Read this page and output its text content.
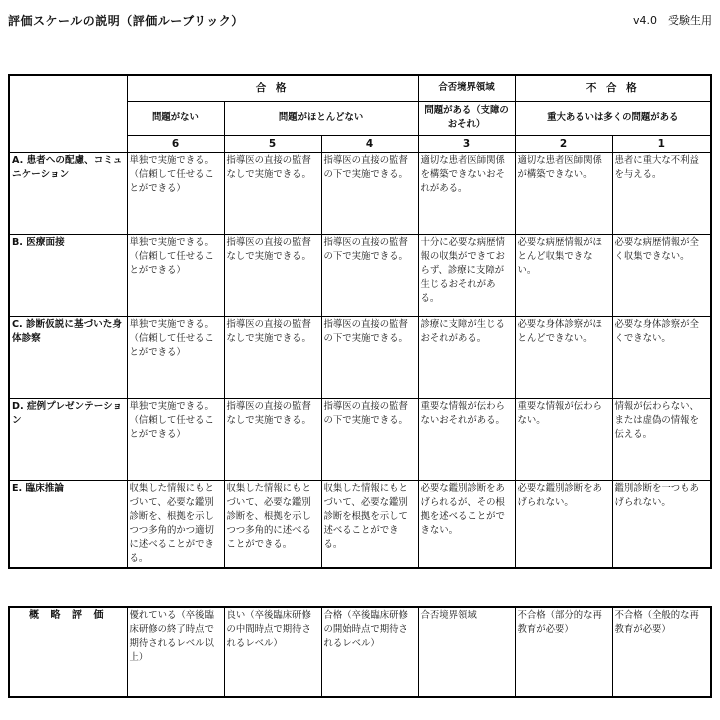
評価スケールの説明（評価ルーブリック）	v4.0　受験生用
	合 格			合否境界領域	不 合 格	
	問題がない	問題がほとんどない		問題がある（支障のおそれ）	重大あるいは多くの問題がある	
	6	5	4	3	2	1
A. 患者への配慮、コミュニケーション	単独で実施できる。（信頼して任せることができる）	指導医の直接の監督なしで実施できる。	指導医の直接の監督の下で実施できる。	適切な患者医師関係を構築できないおそれがある。	適切な患者医師関係が構築できない。	患者に重大な不利益を与える。
B. 医療面接	単独で実施できる。（信頼して任せることができる）	指導医の直接の監督なしで実施できる。	指導医の直接の監督の下で実施できる。	十分に必要な病歴情報の収集ができておらず、診療に支障が生じるおそれがある。	必要な病歴情報がほとんど収集できない。	必要な病歴情報が全く収集できない。
C. 診断仮説に基づいた身体診察	単独で実施できる。（信頼して任せることができる）	指導医の直接の監督なしで実施できる。	指導医の直接の監督の下で実施できる。	診療に支障が生じるおそれがある。	必要な身体診察がほとんどできない。	必要な身体診察が全くできない。
D. 症例プレゼンテーション	単独で実施できる。（信頼して任せることができる）	指導医の直接の監督なしで実施できる。	指導医の直接の監督の下で実施できる。	重要な情報が伝わらないおそれがある。	重要な情報が伝わらない。	情報が伝わらない、または虚偽の情報を伝える。
E. 臨床推論	収集した情報にもとづいて、必要な鑑別診断を、根拠を示しつつ多角的かつ適切に述べることができる。	収集した情報にもとづいて、必要な鑑別診断を、根拠を示しつつ多角的に述べることができる。	収集した情報にもとづいて、必要な鑑別診断を根拠を示して述べることができる。	必要な鑑別診断をあげられるが、その根拠を述べることができない。	必要な鑑別診断をあげられない。	鑑別診断を一つもあげられない。
概 略 評 価	優れている（卒後臨床研修の終了時点で期待されるレベル以上）	良い（卒後臨床研修の中間時点で期待されるレベル）	合格（卒後臨床研修の開始時点で期待されるレベル）	合否境界領域	不合格（部分的な再教育が必要）	不合格（全般的な再教育が必要）
